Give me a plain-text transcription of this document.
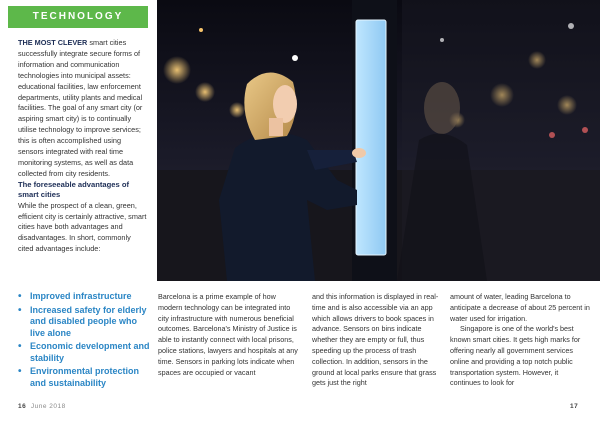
TECHNOLOGY

THE MOST CLEVER smart cities successfully integrate secure forms of information and communication technologies into municipal assets: educational facilities, law enforcement departments, utility plants and medical facilities. The goal of any smart city (or aspiring smart city) is to continually utilise technology to improve services; this is often accomplished using sensors integrated with real time monitoring systems, as well as data collected from city residents.

The foreseeable advantages of smart cities

While the prospect of a clean, green, efficient city is certainly attractive, smart cities have both advantages and disadvantages. In short, commonly cited advantages include:

• Improved infrastructure
• Increased safety for elderly and disabled people who live alone
• Economic development and stability
• Environmental protection and sustainability

Barcelona is a prime example of how modern technology can be integrated into city infrastructure with numerous beneficial outcomes. Barcelona's Ministry of Justice is able to instantly connect with local prisons, police stations, lawyers and hospitals at any time. Sensors in parking lots indicate when spaces are occupied or vacant

and this information is displayed in real-time and is also accessible via an app which allows drivers to book spaces in advance. Sensors on bins indicate whether they are empty or full, thus speeding up the process of trash collection. In addition, sensors in the ground at local parks ensure that grass gets just the right

amount of water, leading Barcelona to anticipate a decrease of about 25 percent in water used for irrigation.

Singapore is one of the world's best known smart cities. It gets high marks for offering nearly all government services online and providing a top notch public transportation system. However, it continues to look for

16 June 2018	17
